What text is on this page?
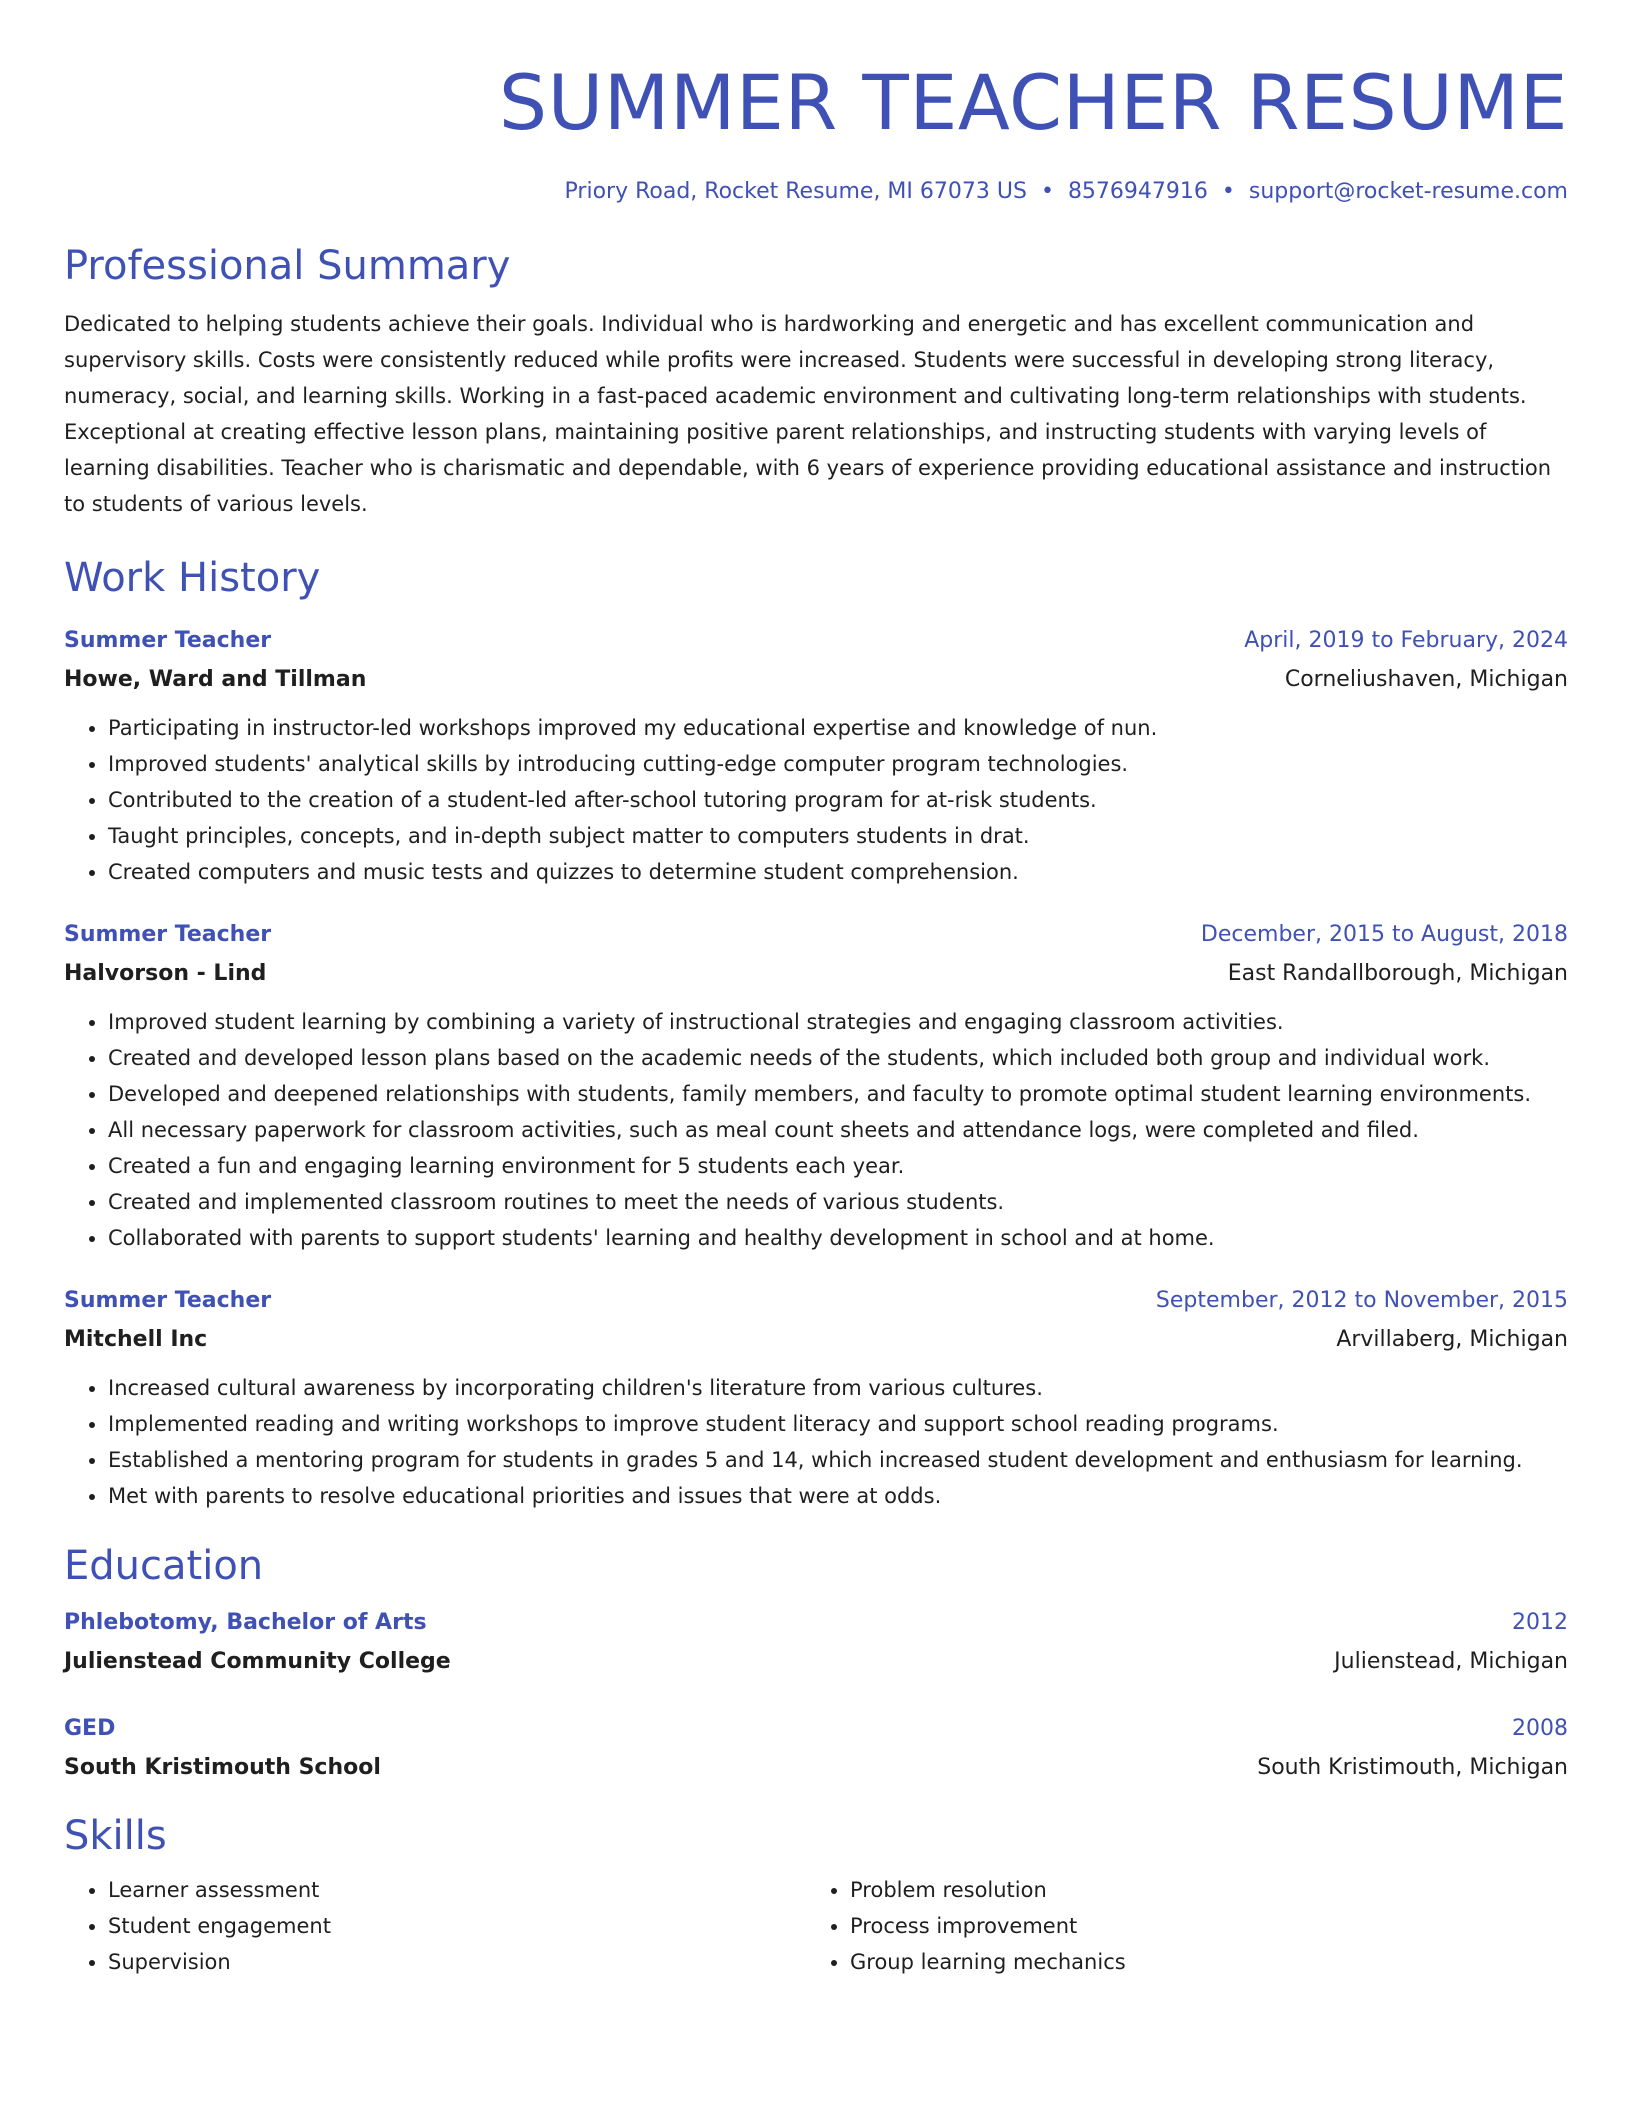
SUMMER TEACHER RESUME
Priory Road, Rocket Resume, MI 67073 US • 8576947916 • support@rocket-resume.com
Professional Summary
Dedicated to helping students achieve their goals. Individual who is hardworking and energetic and has excellent communication and supervisory skills. Costs were consistently reduced while profits were increased. Students were successful in developing strong literacy, numeracy, social, and learning skills. Working in a fast-paced academic environment and cultivating long-term relationships with students. Exceptional at creating effective lesson plans, maintaining positive parent relationships, and instructing students with varying levels of learning disabilities. Teacher who is charismatic and dependable, with 6 years of experience providing educational assistance and instruction to students of various levels.
Work History
Summer Teacher	April, 2019 to February, 2024
Howe, Ward and Tillman	Corneliushaven, Michigan
• Participating in instructor-led workshops improved my educational expertise and knowledge of nun.
• Improved students' analytical skills by introducing cutting-edge computer program technologies.
• Contributed to the creation of a student-led after-school tutoring program for at-risk students.
• Taught principles, concepts, and in-depth subject matter to computers students in drat.
• Created computers and music tests and quizzes to determine student comprehension.
Summer Teacher	December, 2015 to August, 2018
Halvorson - Lind	East Randallborough, Michigan
• Improved student learning by combining a variety of instructional strategies and engaging classroom activities.
• Created and developed lesson plans based on the academic needs of the students, which included both group and individual work.
• Developed and deepened relationships with students, family members, and faculty to promote optimal student learning environments.
• All necessary paperwork for classroom activities, such as meal count sheets and attendance logs, were completed and filed.
• Created a fun and engaging learning environment for 5 students each year.
• Created and implemented classroom routines to meet the needs of various students.
• Collaborated with parents to support students' learning and healthy development in school and at home.
Summer Teacher	September, 2012 to November, 2015
Mitchell Inc	Arvillaberg, Michigan
• Increased cultural awareness by incorporating children's literature from various cultures.
• Implemented reading and writing workshops to improve student literacy and support school reading programs.
• Established a mentoring program for students in grades 5 and 14, which increased student development and enthusiasm for learning.
• Met with parents to resolve educational priorities and issues that were at odds.
Education
Phlebotomy, Bachelor of Arts	2012
Julienstead Community College	Julienstead, Michigan
GED	2008
South Kristimouth School	South Kristimouth, Michigan
Skills
• Learner assessment
• Student engagement
• Supervision
• Problem resolution
• Process improvement
• Group learning mechanics
